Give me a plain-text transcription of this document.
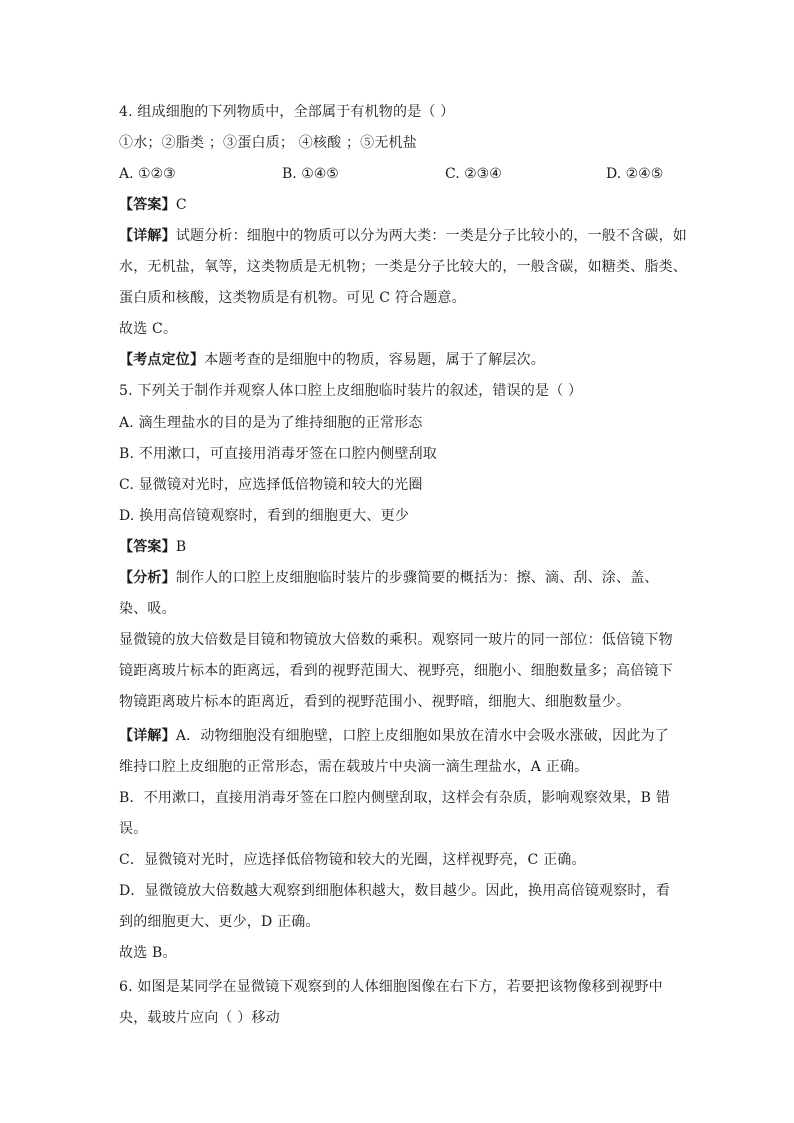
4. 组成细胞的下列物质中，全部属于有机物的是（ ）
①水；②脂类 ；③蛋白质； ④核酸 ；⑤无机盐
A. ①②③	B. ①④⑤	C. ②③④	D. ②④⑤
【答案】C
【详解】试题分析：细胞中的物质可以分为两大类：一类是分子比较小的，一般不含碳，如
水，无机盐，氧等，这类物质是无机物；一类是分子比较大的，一般含碳，如糖类、脂类、
蛋白质和核酸，这类物质是有机物。可见 C 符合题意。
故选 C。
【考点定位】本题考查的是细胞中的物质，容易题，属于了解层次。
5. 下列关于制作并观察人体口腔上皮细胞临时装片的叙述，错误的是（ ）
A. 滴生理盐水的目的是为了维持细胞的正常形态
B. 不用漱口，可直接用消毒牙签在口腔内侧壁刮取
C. 显微镜对光时，应选择低倍物镜和较大的光圈
D. 换用高倍镜观察时，看到的细胞更大、更少
【答案】B
【分析】制作人的口腔上皮细胞临时装片的步骤简要的概括为：擦、滴、刮、涂、盖、
染、吸。
显微镜的放大倍数是目镜和物镜放大倍数的乘积。观察同一玻片的同一部位：低倍镜下物
镜距离玻片标本的距离远，看到的视野范围大、视野亮，细胞小、细胞数量多；高倍镜下
物镜距离玻片标本的距离近，看到的视野范围小、视野暗，细胞大、细胞数量少。
【详解】A．动物细胞没有细胞壁，口腔上皮细胞如果放在清水中会吸水涨破，因此为了
维持口腔上皮细胞的正常形态，需在载玻片中央滴一滴生理盐水，A 正确。
B．不用漱口，直接用消毒牙签在口腔内侧壁刮取，这样会有杂质，影响观察效果，B 错
误。
C．显微镜对光时，应选择低倍物镜和较大的光圈，这样视野亮，C 正确。
D．显微镜放大倍数越大观察到细胞体积越大，数目越少。因此，换用高倍镜观察时，看
到的细胞更大、更少，D 正确。
故选 B。
6. 如图是某同学在显微镜下观察到的人体细胞图像在右下方，若要把该物像移到视野中
央，载玻片应向（ ）移动
